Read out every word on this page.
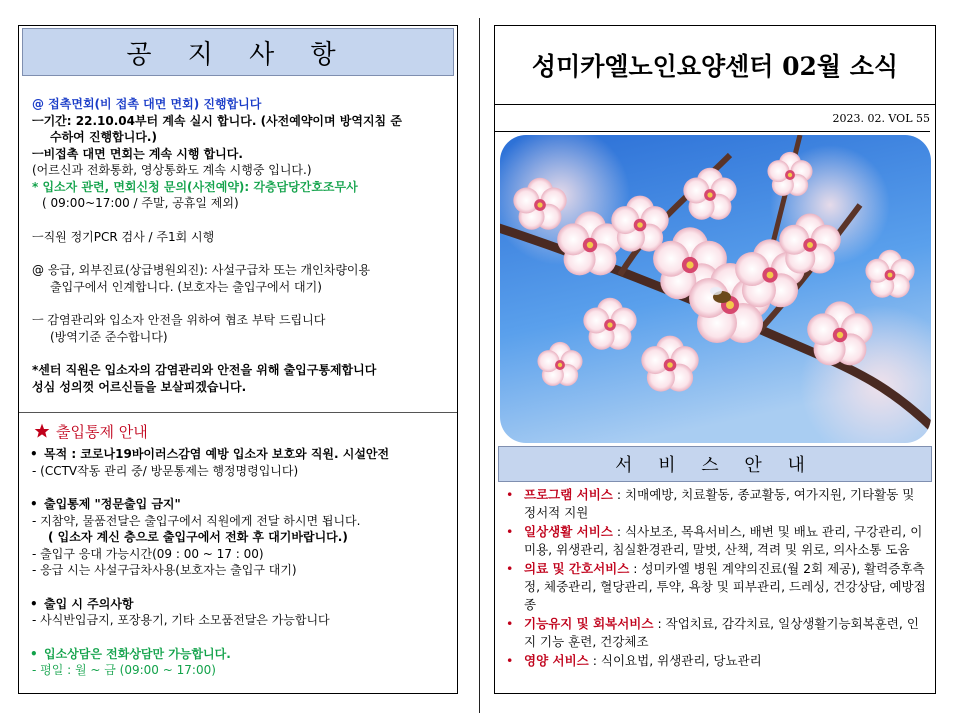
공 지 사 항

@ 접촉면회(비 접촉 대면 면회) 진행합니다

ㅡ기간: 22.10.04부터 계속 실시 합니다. (사전예약이며 방역지침 준

수하여 진행합니다.)

ㅡ비접촉 대면 면회는 계속 시행 합니다.

(어르신과 전화통화, 영상통화도 계속 시행중 입니다.)

* 입소자 관련, 면회신청 문의(사전예약): 각층담당간호조무사

( 09:00~17:00 / 주말, 공휴일 제외)

ㅡ직원 정기PCR 검사 / 주1회 시행

@ 응급, 외부진료(상급병원외진): 사설구급차 또는 개인차량이용

출입구에서 인계합니다. (보호자는 출입구에서 대기)

ㅡ 감염관리와 입소자 안전을 위하여 협조 부탁 드립니다

(방역기준 준수합니다)

*센터 직원은 입소자의 감염관리와 안전을 위해 출입구통제합니다

성심 성의껏 어르신들을 보살피겠습니다.

출입통제 안내

• 목적 : 코로나19바이러스감염 예방 입소자 보호와 직원. 시설안전

- (CCTV작동 관리 중/ 방문통제는 행정명령입니다)

• 출입통제 "정문출입 금지"

- 지참약, 물품전달은 출입구에서 직원에게 전달 하시면 됩니다.

( 입소자 계신 층으로 출입구에서 전화 후 대기바랍니다.)

- 출입구 응대 가능시간(09 : 00 ~ 17 : 00)

- 응급 시는 사설구급차사용(보호자는 출입구 대기)

• 출입 시 주의사항

- 사식반입금지, 포장용기, 기타 소모품전달은 가능합니다

• 입소상담은 전화상담만 가능합니다.

- 평일 : 월 ~ 금 (09:00 ~ 17:00)

성미카엘노인요양센터 02월 소식
2023. 02. VOL 55
서 비 스 안 내
• 프로그램 서비스 : 치매예방, 치료활동, 종교활동, 여가지원, 기타활동 및 정서적 지원
• 일상생활 서비스 : 식사보조, 목욕서비스, 배변 및 배뇨 관리, 구강관리, 이미용, 위생관리, 침실환경관리, 말벗, 산책, 격려 및 위로, 의사소통 도움
• 의료 및 간호서비스 : 성미카엘 병원 계약의진료(월 2회 제공), 활력증후측정, 체중관리, 혈당관리, 투약, 욕창 및 피부관리, 드레싱, 건강상담, 예방접종
• 기능유지 및 회복서비스 : 작업치료, 감각치료, 일상생활기능회복훈련, 인지 기능 훈련, 건강체조
• 영양 서비스 : 식이요법, 위생관리, 당뇨관리
